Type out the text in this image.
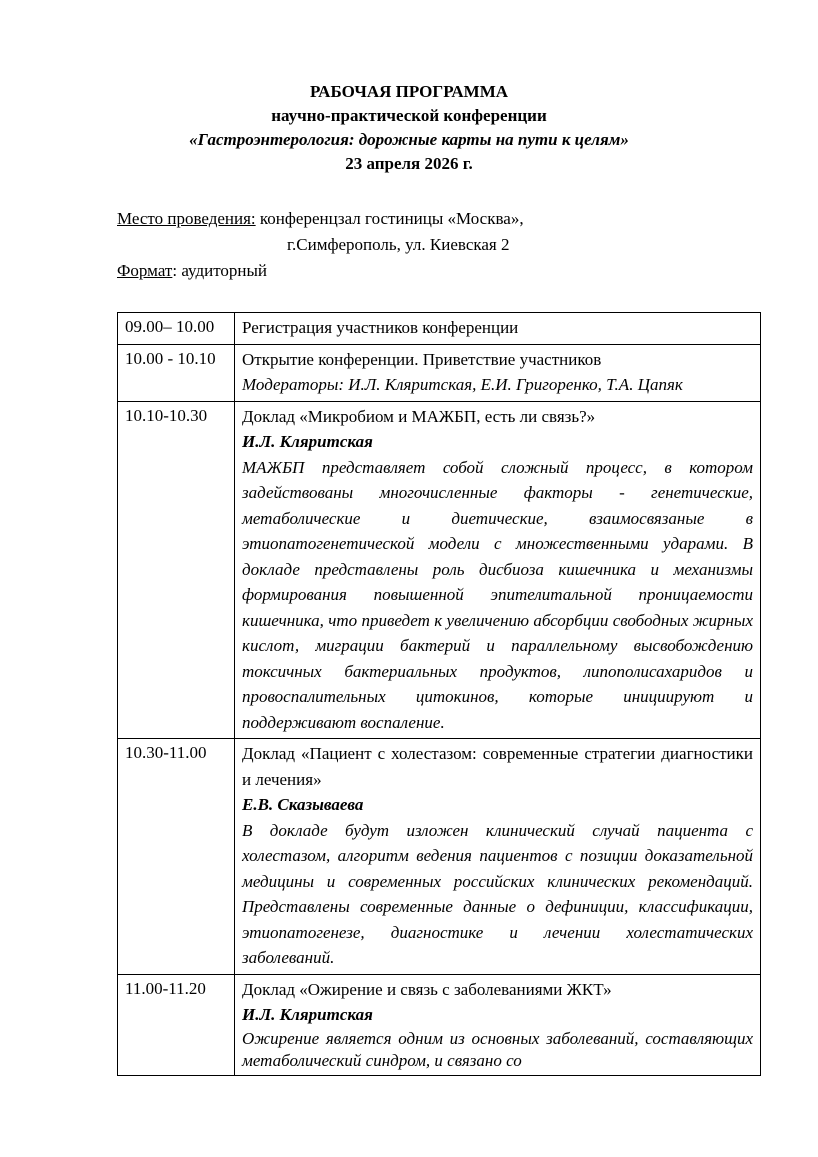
РАБОЧАЯ ПРОГРАММА
научно-практической конференции
«Гастроэнтерология: дорожные карты на пути к целям»
23 апреля 2026 г.
Место проведения: конференцзал гостиницы «Москва»,
г.Симферополь, ул. Киевская 2
Формат: аудиторный
09.00– 10.00	Регистрация участников конференции

10.00 - 10.10	Открытие конференции. Приветствие участников
Модераторы: И.Л. Кляритская, Е.И. Григоренко, Т.А. Цапяк

10.10-10.30	Доклад «Микробиом и МАЖБП, есть ли связь?»
И.Л. Кляритская
МАЖБП представляет собой сложный процесс, в котором задействованы многочисленные факторы - генетические, метаболические и диетические, взаимосвязаные в этиопатогенетической модели с множественными ударами. В докладе представлены роль дисбиоза кишечника и механизмы формирования повышенной эпителитальной проницаемости кишечника, что приведет к увеличению абсорбции свободных жирных кислот, миграции бактерий и параллельному высвобождению токсичных бактериальных продуктов, липополисахаридов и провоспалительных цитокинов, которые инициируют и поддерживают воспаление.

10.30-11.00	Доклад «Пациент с холестазом: современные стратегии диагностики и лечения»
Е.В. Сказываева
В докладе будут изложен клинический случай пациента с холестазом, алгоритм ведения пациентов с позиции доказательной медицины и современных российских клинических рекомендаций. Представлены современные данные о дефиниции, классификации, этиопатогенезе, диагностике и лечении холестатических заболеваний.

11.00-11.20	Доклад «Ожирение и связь с заболеваниями ЖКТ»
И.Л. Кляритская
Ожирение является одним из основных заболеваний, составляющих метаболический синдром, и связано со
